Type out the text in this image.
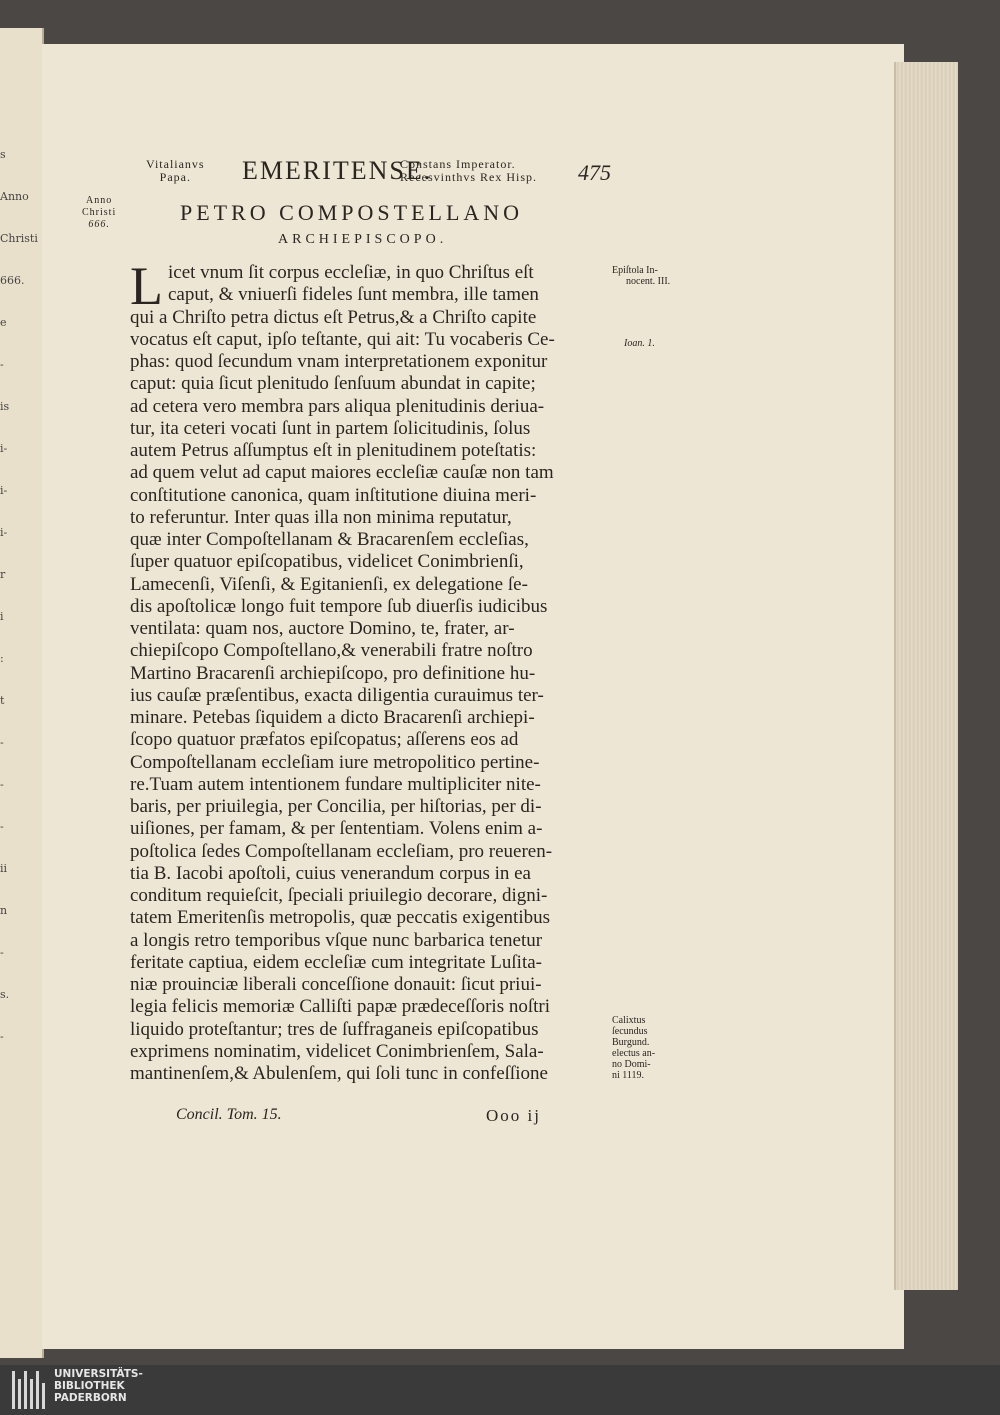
s
Anno
Christi
666.
e
-
is
i-
i-
i-
r
i
:
t
-
-
-
ii
n
-
s.
-
Vitalianvs
Papa.	EMERITENSE.
Constans Imperator.
Recesvinthvs Rex Hisp. 475
Anno
Christi
666.	PETRO COMPOSTELLANO
ARCHIEPISCOPO.
L icet vnum ſit corpus eccleſiæ, in quo Chriſtus eſt
caput, & vniuerſi fideles ſunt membra, ille tamen
qui a Chriſto petra dictus eſt Petrus,& a Chriſto capite
vocatus eſt caput, ipſo teſtante, qui ait: Tu vocaberis Ce-
phas: quod ſecundum vnam interpretationem exponitur
caput: quia ſicut plenitudo ſenſuum abundat in capite;
ad cetera vero membra pars aliqua plenitudinis deriua-
tur, ita ceteri vocati ſunt in partem ſolicitudinis, ſolus
autem Petrus aſſumptus eſt in plenitudinem poteſtatis:
ad quem velut ad caput maiores eccleſiæ cauſæ non tam
conſtitutione canonica, quam inſtitutione diuina meri-
to referuntur. Inter quas illa non minima reputatur,
quæ inter Compoſtellanam & Bracarenſem eccleſias,
ſuper quatuor epiſcopatibus, videlicet Conimbrienſi,
Lamecenſi, Viſenſi, & Egitanienſi, ex delegatione ſe-
dis apoſtolicæ longo fuit tempore ſub diuerſis iudicibus
ventilata: quam nos, auctore Domino, te, frater, ar-
chiepiſcopo Compoſtellano,& venerabili fratre noſtro
Martino Bracarenſi archiepiſcopo, pro definitione hu-
ius cauſæ præſentibus, exacta diligentia curauimus ter-
minare. Petebas ſiquidem a dicto Bracarenſi archiepi-
ſcopo quatuor præfatos epiſcopatus; aſſerens eos ad
Compoſtellanam eccleſiam iure metropolitico pertine-
re.Tuam autem intentionem fundare multipliciter nite-
baris, per priuilegia, per Concilia, per hiſtorias, per di-
uiſiones, per famam, & per ſententiam. Volens enim a-
poſtolica ſedes Compoſtellanam eccleſiam, pro reueren-
tia B. Iacobi apoſtoli, cuius venerandum corpus in ea
conditum requieſcit, ſpeciali priuilegio decorare, digni-
tatem Emeritenſis metropolis, quæ peccatis exigentibus
a longis retro temporibus vſque nunc barbarica tenetur
feritate captiua, eidem eccleſiæ cum integritate Luſita-
niæ prouinciæ liberali conceſſione donauit: ſicut priui-
legia felicis memoriæ Calliſti papæ prædeceſſoris noſtri
liquido proteſtantur; tres de ſuffraganeis epiſcopatibus
exprimens nominatim, videlicet Conimbrienſem, Sala-
mantinenſem,& Abulenſem, qui ſoli tunc in confeſſione
Epiſtola In-
nocent. III.
Ioan. 1.
Calixtus
ſecundus
Burgund.
electus an-
no Domi-
ni 1119.
Concil. Tom. 15.	Ooo ij
UNIVERSITÄTS-
BIBLIOTHEK
PADERBORN
